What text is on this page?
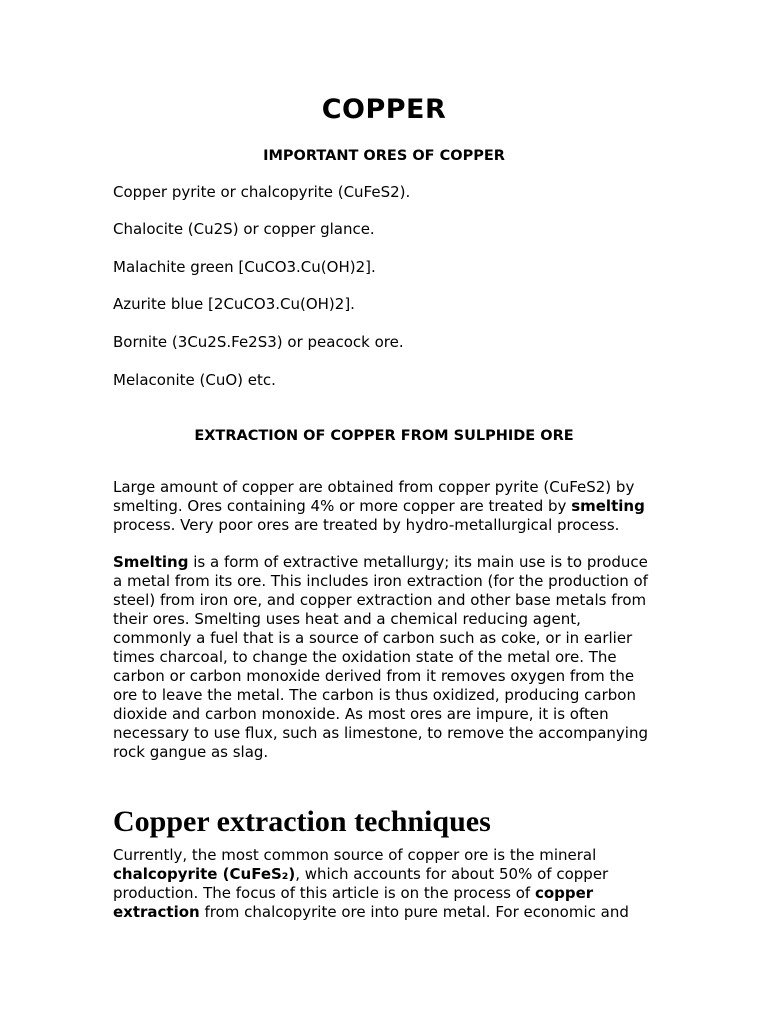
COPPER
IMPORTANT ORES OF COPPER
Copper pyrite or chalcopyrite (CuFeS2).
Chalocite (Cu2S) or copper glance.
Malachite green [CuCO3.Cu(OH)2].
Azurite blue [2CuCO3.Cu(OH)2].
Bornite (3Cu2S.Fe2S3) or peacock ore.
Melaconite (CuO) etc.
EXTRACTION OF COPPER FROM SULPHIDE ORE
Large amount of copper are obtained from copper pyrite (CuFeS2) by smelting. Ores containing 4% or more copper are treated by smelting process. Very poor ores are treated by hydro-metallurgical process.
Smelting is a form of extractive metallurgy; its main use is to produce a metal from its ore. This includes iron extraction (for the production of steel) from iron ore, and copper extraction and other base metals from their ores. Smelting uses heat and a chemical reducing agent, commonly a fuel that is a source of carbon such as coke, or in earlier times charcoal, to change the oxidation state of the metal ore. The carbon or carbon monoxide derived from it removes oxygen from the ore to leave the metal. The carbon is thus oxidized, producing carbon dioxide and carbon monoxide. As most ores are impure, it is often necessary to use flux, such as limestone, to remove the accompanying rock gangue as slag.
Copper extraction techniques
Currently, the most common source of copper ore is the mineral chalcopyrite (CuFeS₂), which accounts for about 50% of copper production. The focus of this article is on the process of copper extraction from chalcopyrite ore into pure metal. For economic and
